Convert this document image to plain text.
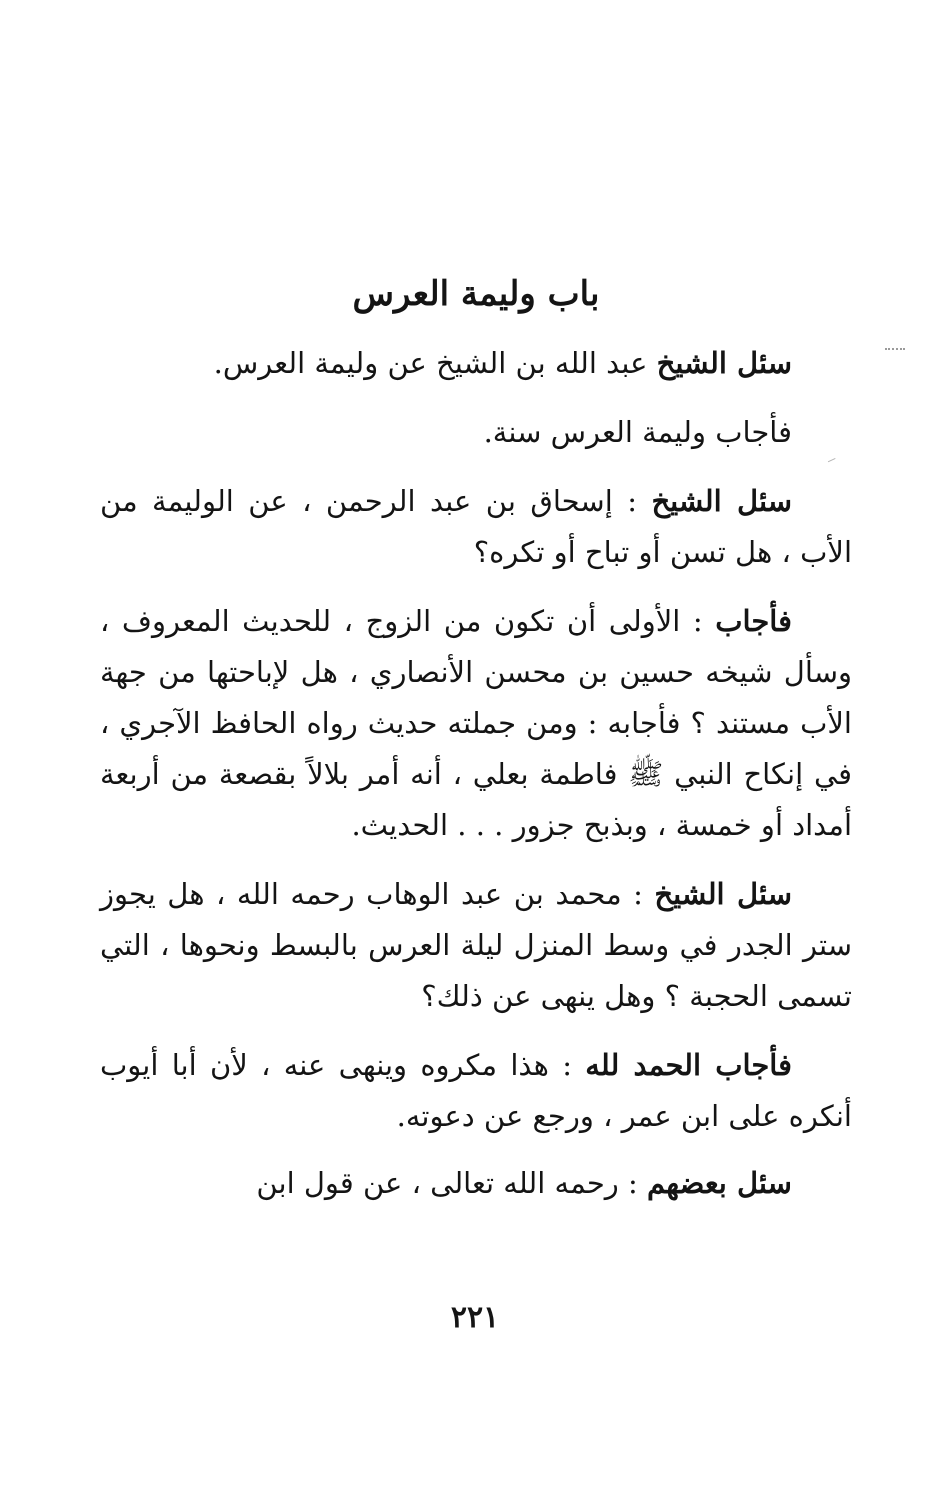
باب وليمة العرس

سئل الشيخ عبد الله بن الشيخ عن وليمة العرس.

فأجاب وليمة العرس سنة.

سئل الشيخ : إسحاق بن عبد الرحمن ، عن الوليمة من الأب ، هل تسن أو تباح أو تكره؟

فأجاب : الأولى أن تكون من الزوج ، للحديث المعروف ، وسأل شيخه حسين بن محسن الأنصاري ، هل لإباحتها من جهة الأب مستند ؟ فأجابه : ومن جملته حديث رواه الحافظ الآجري ، في إنكاح النبي ﷺ فاطمة بعلي ، أنه أمر بلالاً بقصعة من أربعة أمداد أو خمسة ، وبذبح جزور . . . الحديث.

سئل الشيخ : محمد بن عبد الوهاب رحمه الله ، هل يجوز ستر الجدر في وسط المنزل ليلة العرس بالبسط ونحوها ، التي تسمى الحجبة ؟ وهل ينهى عن ذلك؟

فأجاب الحمد لله : هذا مكروه وينهى عنه ، لأن أبا أيوب أنكره على ابن عمر ، ورجع عن دعوته.

سئل بعضهم : رحمه الله تعالى ، عن قول ابن

٢٢١
